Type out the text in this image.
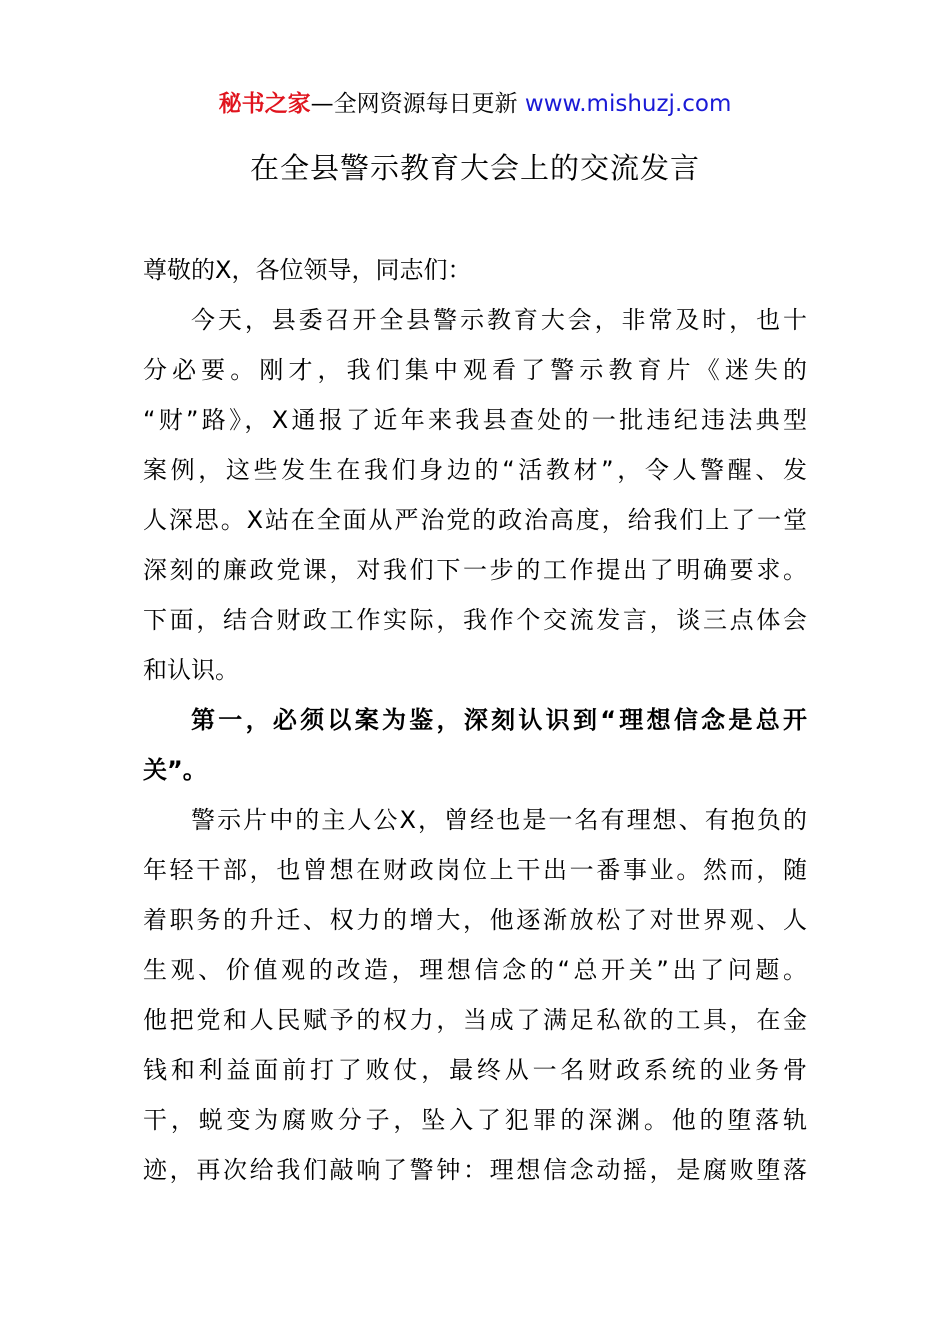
秘书之家—全网资源每日更新 www.mishuzj.com
在全县警示教育大会上的交流发言
尊敬的X，各位领导，同志们：
今天，县委召开全县警示教育大会，非常及时，也十
分必要。刚才，我们集中观看了警示教育片《迷失的
“财”路》，X通报了近年来我县查处的一批违纪违法典型
案例，这些发生在我们身边的“活教材”，令人警醒、发
人深思。X站在全面从严治党的政治高度，给我们上了一堂
深刻的廉政党课，对我们下一步的工作提出了明确要求。
下面，结合财政工作实际，我作个交流发言，谈三点体会
和认识。
第一，必须以案为鉴，深刻认识到“理想信念是总开
关”。
警示片中的主人公X，曾经也是一名有理想、有抱负的
年轻干部，也曾想在财政岗位上干出一番事业。然而，随
着职务的升迁、权力的增大，他逐渐放松了对世界观、人
生观、价值观的改造，理想信念的“总开关”出了问题。
他把党和人民赋予的权力，当成了满足私欲的工具，在金
钱和利益面前打了败仗，最终从一名财政系统的业务骨
干，蜕变为腐败分子，坠入了犯罪的深渊。他的堕落轨
迹，再次给我们敲响了警钟：理想信念动摇，是腐败堕落
